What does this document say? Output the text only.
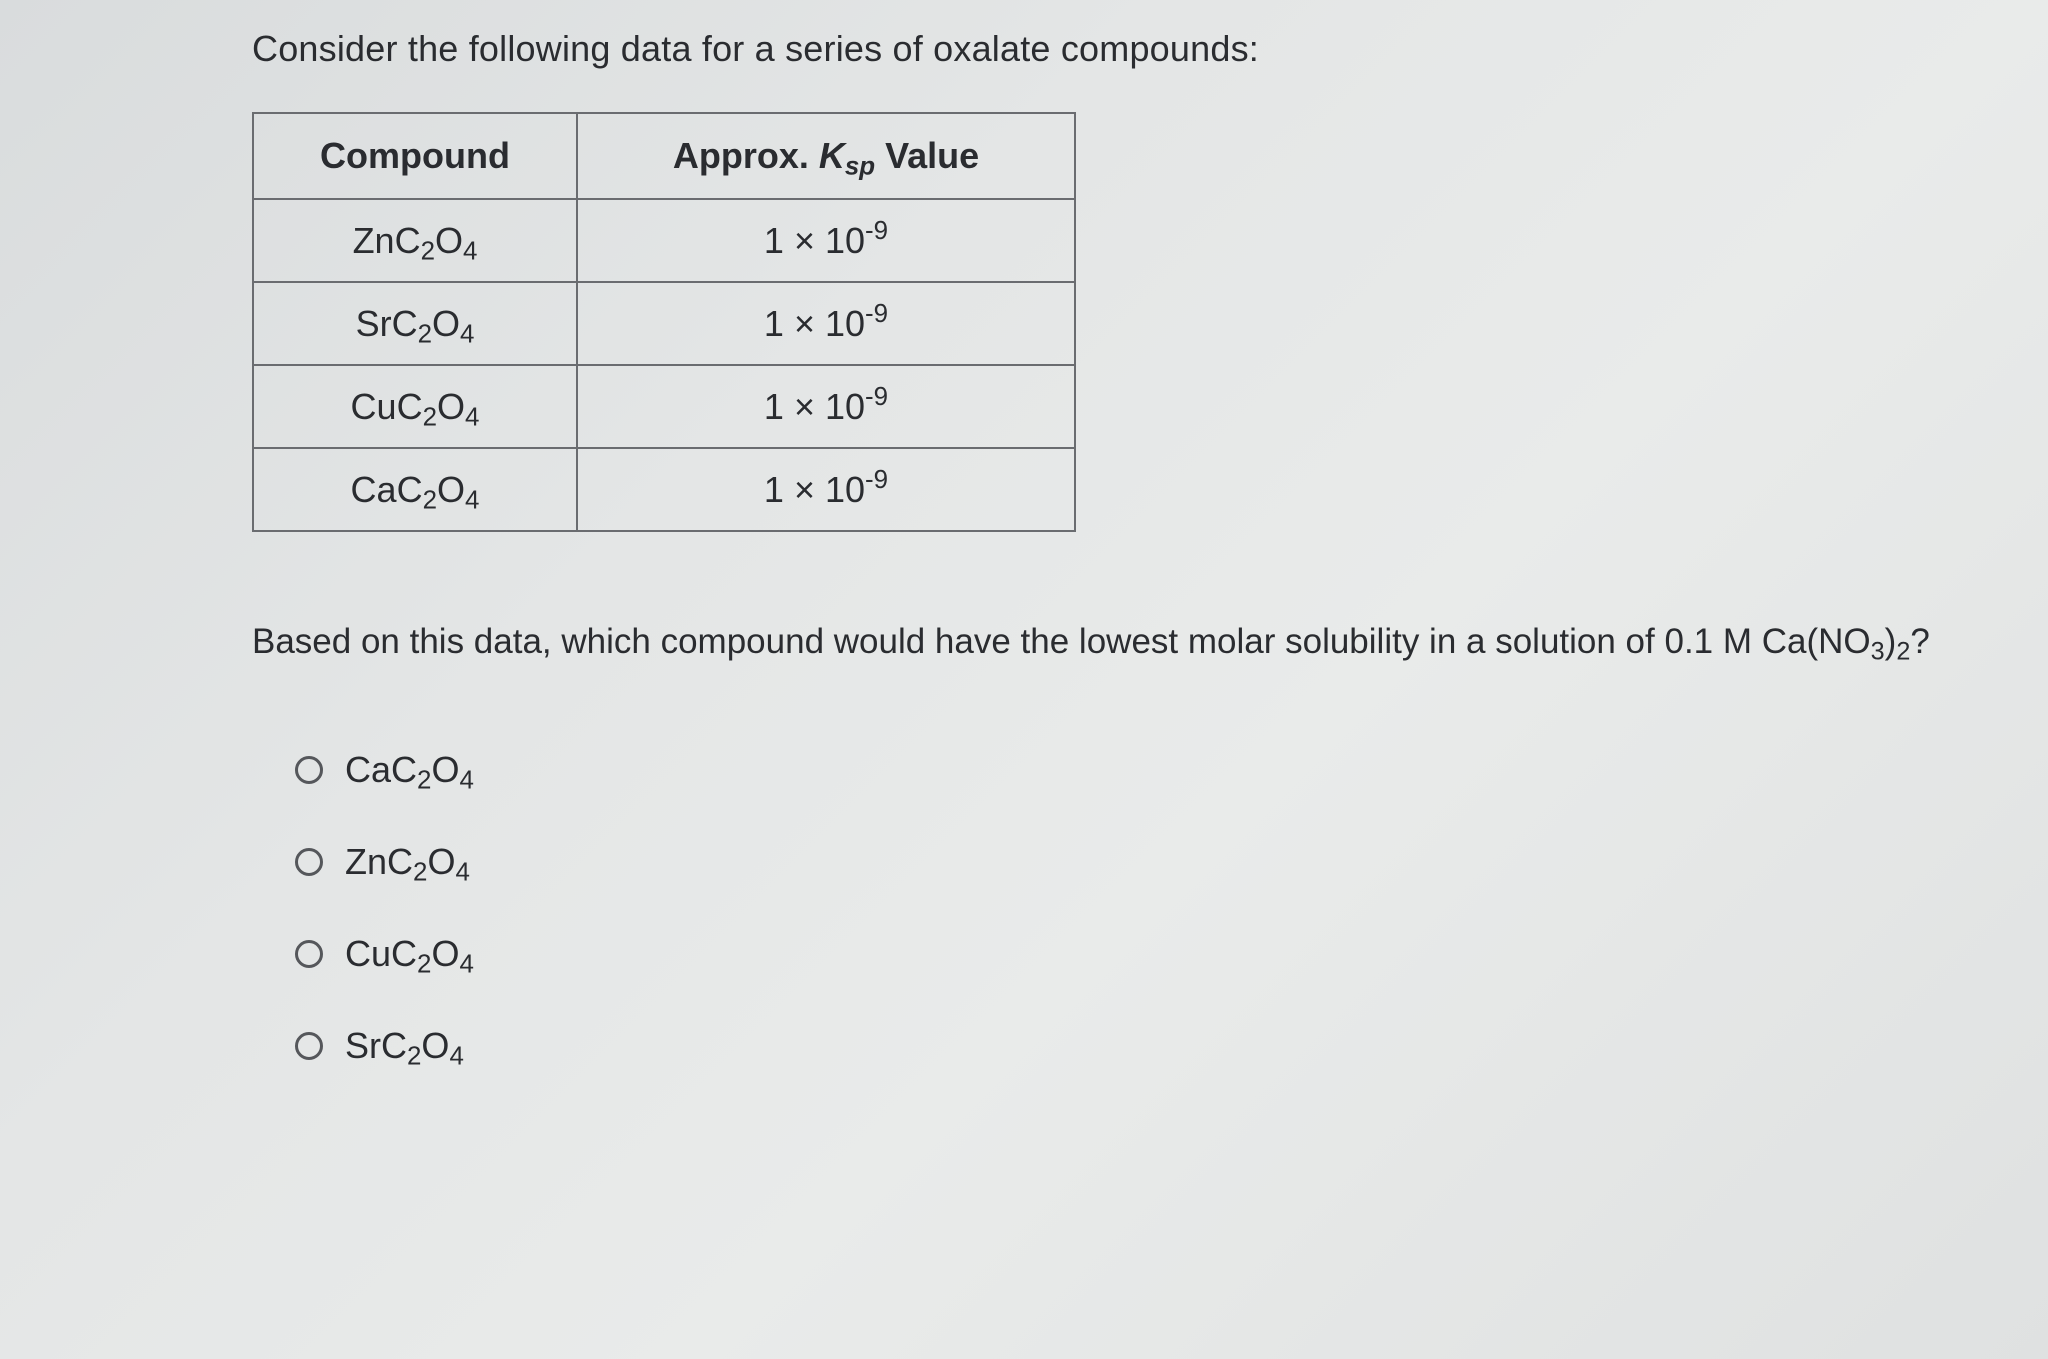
Consider the following data for a series of oxalate compounds:
Compound	Approx. $K_{sp}$ Value
$ZnC_2O_4$	$1 \times 10^{-9}$
$SrC_2O_4$	$1 \times 10^{-9}$
$CuC_2O_4$	$1 \times 10^{-9}$
$CaC_2O_4$	$1 \times 10^{-9}$
Based on this data, which compound would have the lowest molar solubility in a solution of 0.1 M $Ca(NO_3)_2$?
$CaC_2O_4$
$ZnC_2O_4$
$CuC_2O_4$
$SrC_2O_4$
